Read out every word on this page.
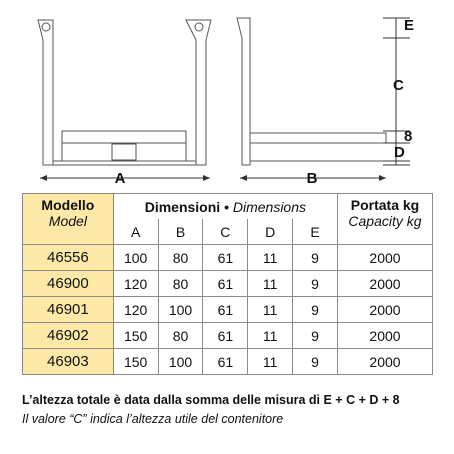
A	B
E
C
8
D
Modello
Model	Dimensioni • Dimensions					Portata kg
Capacity kg

	A	B	C	D	E	
46556	100	80	61	11	9	2000
46900	120	80	61	11	9	2000
46901	120	100	61	11	9	2000
46902	150	80	61	11	9	2000
46903	150	100	61	11	9	2000
L’altezza totale è data dalla somma delle misura di E + C + D + 8
Il valore “C” indica l’altezza utile del contenitore
